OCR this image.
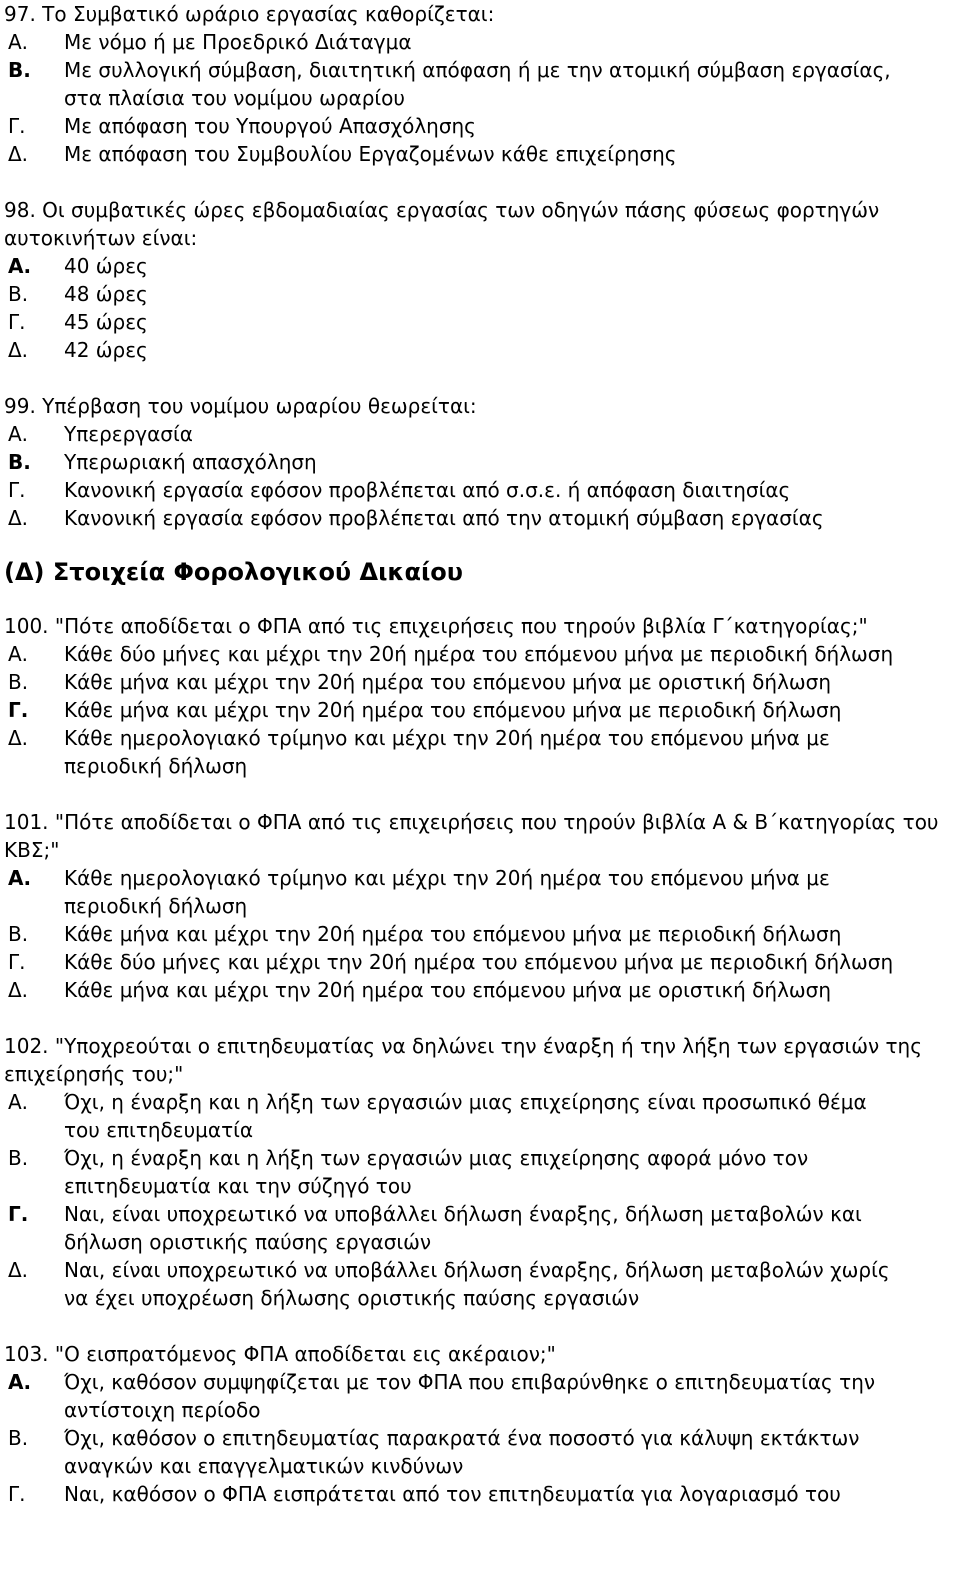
97. Το Συμβατικό ωράριο εργασίας καθορίζεται:

Α.	Με νόμο ή με Προεδρικό Διάταγμα
Β.	Με συλλογική σύμβαση, διαιτητική απόφαση ή με την ατομική σύμβαση εργασίας, στα πλαίσια του νομίμου ωραρίου
Γ.	Με απόφαση του Υπουργού Απασχόλησης
Δ.	Με απόφαση του Συμβουλίου Εργαζομένων κάθε επιχείρησης

98. Οι συμβατικές ώρες εβδομαδιαίας εργασίας των οδηγών πάσης φύσεως φορτηγών αυτοκινήτων είναι:

Α.	40 ώρες
Β.	48 ώρες
Γ.	45 ώρες
Δ.	42 ώρες

99. Υπέρβαση του νομίμου ωραρίου θεωρείται:

Α.	Υπερεργασία
Β.	Υπερωριακή απασχόληση
Γ.	Κανονική εργασία εφόσον προβλέπεται από σ.σ.ε. ή απόφαση διαιτησίας
Δ.	Κανονική εργασία εφόσον προβλέπεται από την ατομική σύμβαση εργασίας
(Δ) Στοιχεία Φορολογικού Δικαίου

100. "Πότε αποδίδεται ο ΦΠΑ από τις επιχειρήσεις που τηρούν βιβλία Γ΄κατηγορίας;"

Α.	Κάθε δύο μήνες και μέχρι την 20ή ημέρα του επόμενου μήνα με περιοδική δήλωση
Β.	Κάθε μήνα και μέχρι την 20ή ημέρα του επόμενου μήνα με οριστική δήλωση
Γ.	Κάθε μήνα και μέχρι την 20ή ημέρα του επόμενου μήνα με περιοδική δήλωση
Δ.	Κάθε ημερολογιακό τρίμηνο και μέχρι την 20ή ημέρα του επόμενου μήνα με περιοδική δήλωση

101. "Πότε αποδίδεται ο ΦΠΑ από τις επιχειρήσεις που τηρούν βιβλία Α & Β΄κατηγορίας του ΚΒΣ;"

Α.	Κάθε ημερολογιακό τρίμηνο και μέχρι την 20ή ημέρα του επόμενου μήνα με περιοδική δήλωση
Β.	Κάθε μήνα και μέχρι την 20ή ημέρα του επόμενου μήνα με περιοδική δήλωση
Γ.	Κάθε δύο μήνες και μέχρι την 20ή ημέρα του επόμενου μήνα με περιοδική δήλωση
Δ.	Κάθε μήνα και μέχρι την 20ή ημέρα του επόμενου μήνα με οριστική δήλωση

102. "Υποχρεούται ο επιτηδευματίας να δηλώνει την έναρξη ή την λήξη των εργασιών της επιχείρησής του;"

Α.	Όχι, η έναρξη και η λήξη των εργασιών μιας επιχείρησης είναι προσωπικό θέμα του επιτηδευματία
Β.	Όχι, η έναρξη και η λήξη των εργασιών μιας επιχείρησης αφορά μόνο τον επιτηδευματία και την σύζηγό του
Γ.	Ναι, είναι υποχρεωτικό να υποβάλλει δήλωση έναρξης, δήλωση μεταβολών και δήλωση οριστικής παύσης εργασιών
Δ.	Ναι, είναι υποχρεωτικό να υποβάλλει δήλωση έναρξης, δήλωση μεταβολών χωρίς να έχει υποχρέωση δήλωσης οριστικής παύσης εργασιών

103. "Ο εισπρατόμενος ΦΠΑ αποδίδεται εις ακέραιον;"

Α.	Όχι, καθόσον συμψηφίζεται με τον ΦΠΑ που επιβαρύνθηκε ο επιτηδευματίας την αντίστοιχη περίοδο
Β.	Όχι, καθόσον ο επιτηδευματίας παρακρατά ένα ποσοστό για κάλυψη εκτάκτων αναγκών και επαγγελματικών κινδύνων
Γ.	Ναι, καθόσον ο ΦΠΑ εισπράτεται από τον επιτηδευματία για λογαριασμό του
